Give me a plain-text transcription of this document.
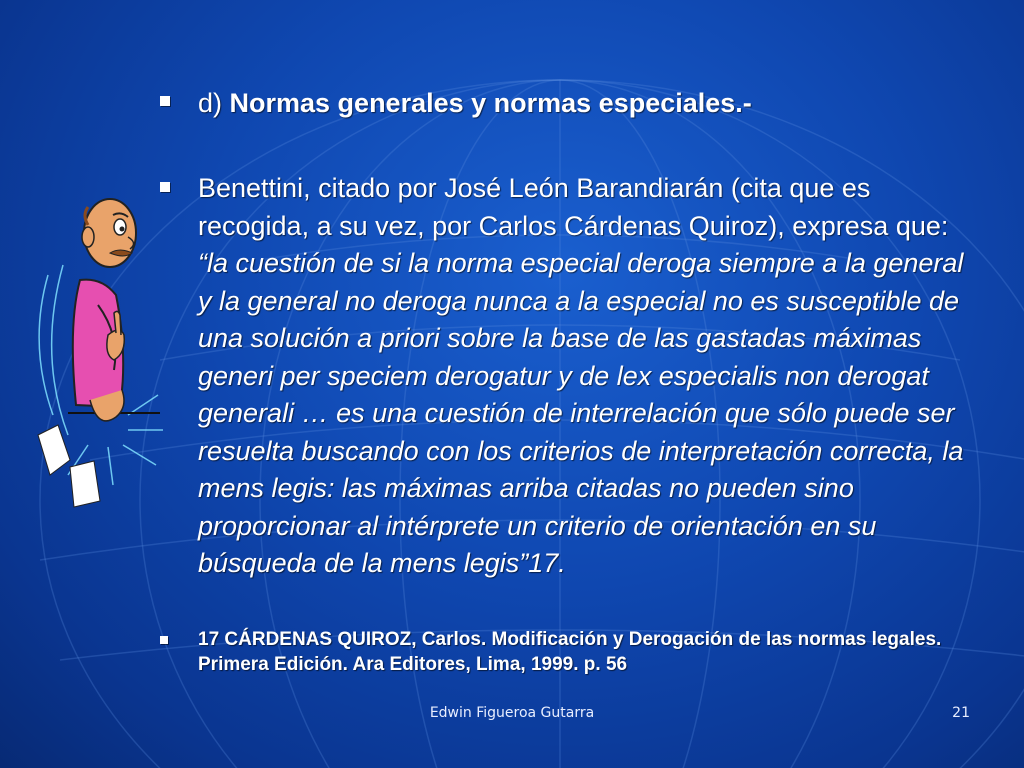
d) Normas generales y normas especiales.-
Benettini, citado por José León Barandiarán (cita que es recogida, a su vez, por Carlos Cárdenas Quiroz), expresa que: “la cuestión de si la norma especial deroga siempre a la general y la general no deroga nunca a la especial no es susceptible de una solución a priori sobre la base de las gastadas máximas generi per speciem derogatur y de lex especialis non derogat generali … es una cuestión de interrelación que sólo puede ser resuelta buscando con los criterios de interpretación correcta, la mens legis: las máximas arriba citadas no pueden sino proporcionar al intérprete un criterio de orientación en su búsqueda de la mens legis”17.
17 CÁRDENAS QUIROZ, Carlos. Modificación y Derogación de las normas legales. Primera Edición. Ara Editores, Lima, 1999. p. 56
Edwin Figueroa Gutarra	21
